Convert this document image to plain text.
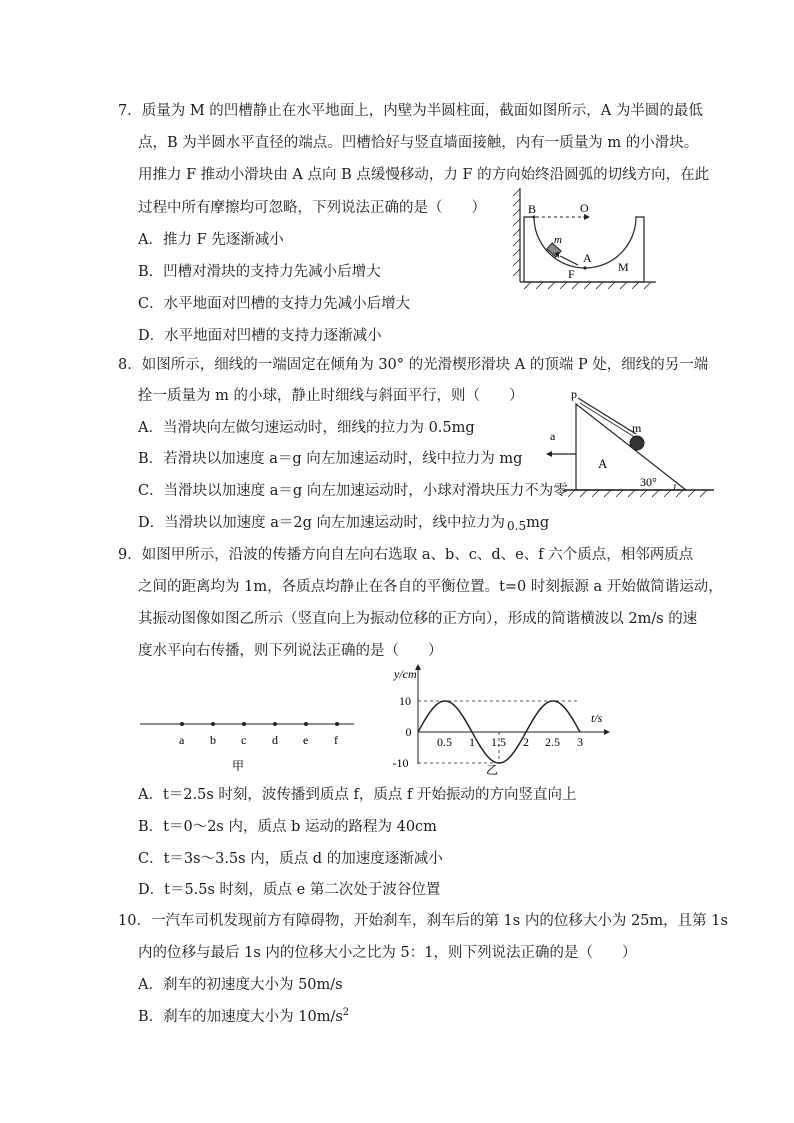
7．质量为 M 的凹槽静止在水平地面上，内壁为半圆柱面，截面如图所示，A 为半圆的最低
点，B 为半圆水平直径的端点。凹槽恰好与竖直墙面接触，内有一质量为 m 的小滑块。
用推力 F 推动小滑块由 A 点向 B 点缓慢移动，力 F 的方向始终沿圆弧的切线方向，在此
过程中所有摩擦均可忽略，下列说法正确的是（　　）
A．推力 F 先逐渐减小
B．凹槽对滑块的支持力先减小后增大
C．水平地面对凹槽的支持力先减小后增大
D．水平地面对凹槽的支持力逐渐减小
B	O
m
A
F	M
8．如图所示，细线的一端固定在倾角为 30° 的光滑楔形滑块 A 的顶端 P 处，细线的另一端
拴一质量为 m 的小球，静止时细线与斜面平行，则（　　）
A．当滑块向左做匀速运动时，细线的拉力为 0.5mg
B．若滑块以加速度 a＝g 向左加速运动时，线中拉力为 mg
C．当滑块以加速度 a＝g 向左加速运动时，小球对滑块压力不为零
D．当滑块以加速度 a＝2g 向左加速运动时，线中拉力为 $_{0.5}$mg
p
m
a
A
30°
9．如图甲所示，沿波的传播方向自左向右选取 a、b、c、d、e、f 六个质点，相邻两质点
之间的距离均为 1m，各质点均静止在各自的平衡位置。t=0 时刻振源 a 开始做简谐运动，
其振动图像如图乙所示（竖直向上为振动位移的正方向），形成的简谐横波以 2m/s 的速
度水平向右传播，则下列说法正确的是（　　）
a b c d e f
甲
0.5 1 1.5 2 2.5 3
10
0
-10
y/cm
t/s
乙
A．t＝2.5s 时刻，波传播到质点 f，质点 f 开始振动的方向竖直向上
B．t＝0～2s 内，质点 b 运动的路程为 40cm
C．t＝3s～3.5s 内，质点 d 的加速度逐渐减小
D．t＝5.5s 时刻，质点 e 第二次处于波谷位置
10．一汽车司机发现前方有障碍物，开始刹车，刹车后的第 1s 内的位移大小为 25m，且第 1s
内的位移与最后 1s 内的位移大小之比为 5：1，则下列说法正确的是（　　）
A．刹车的初速度大小为 50m/s
B．刹车的加速度大小为 $10m/s^2$
